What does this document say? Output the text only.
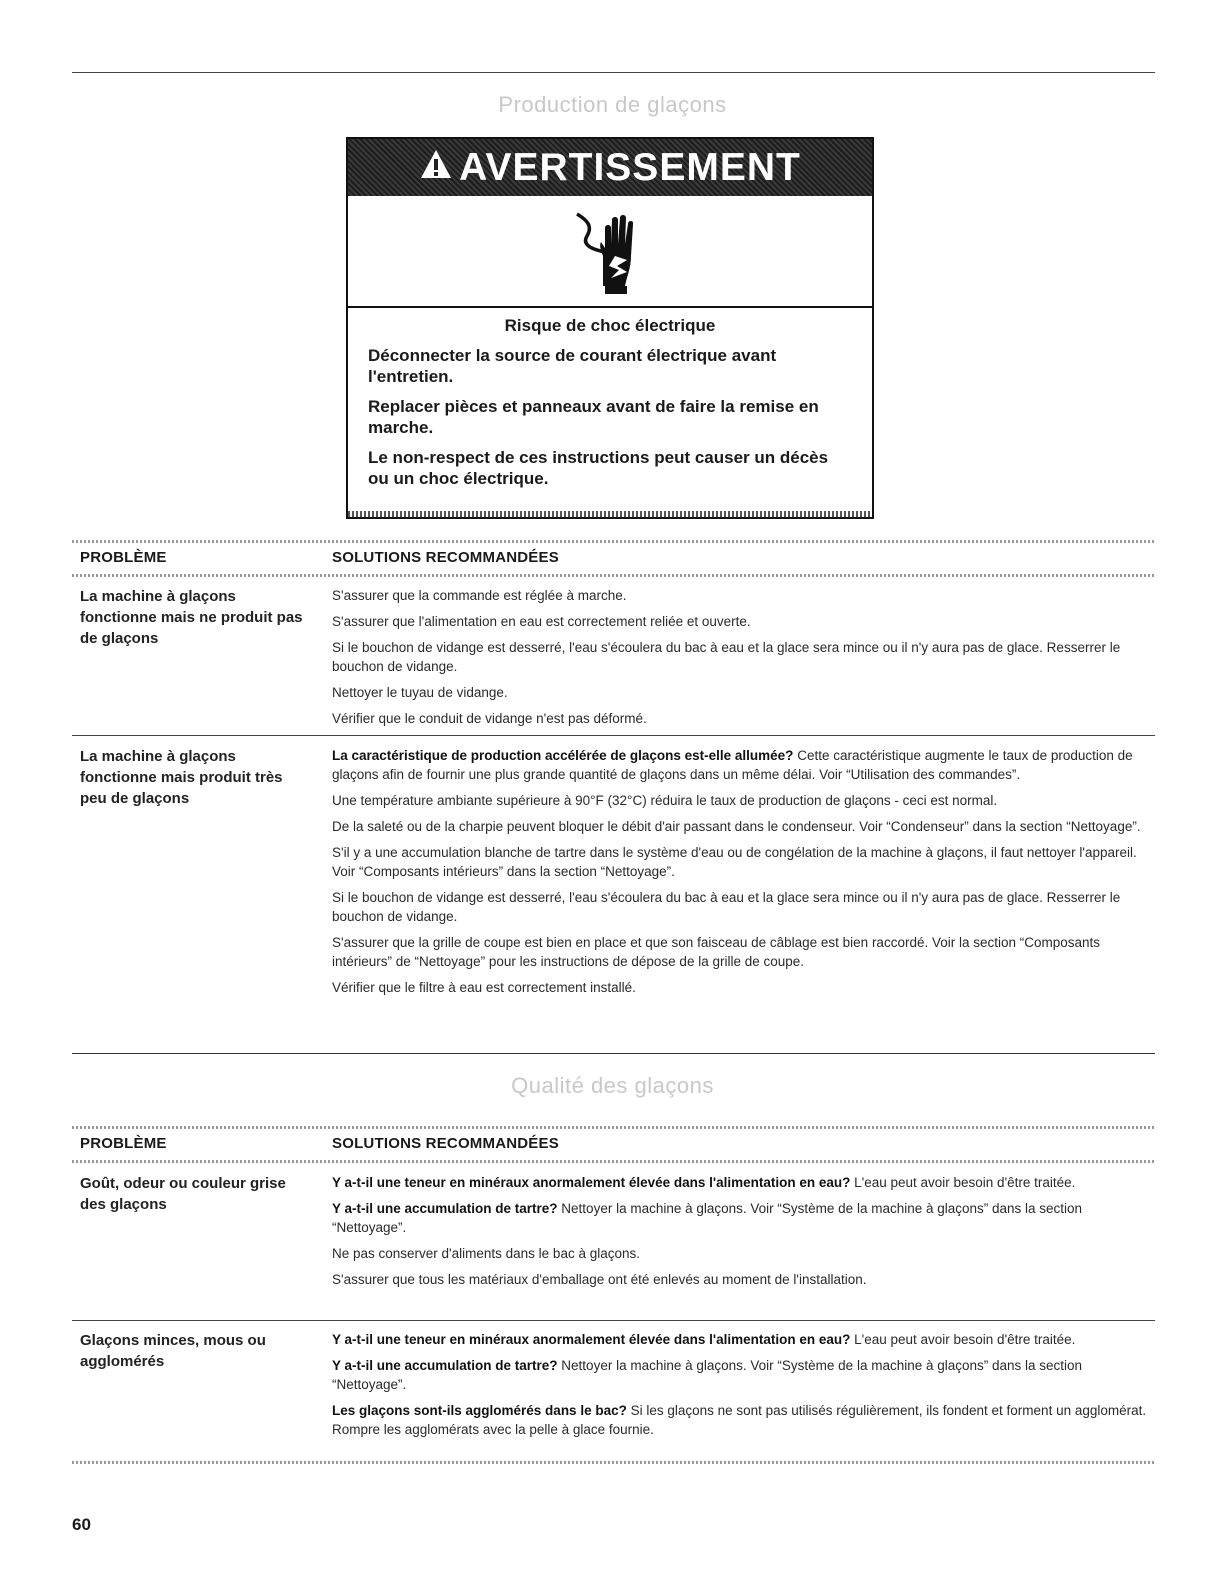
Production de glaçons
AVERTISSEMENT
Risque de choc électrique
Déconnecter la source de courant électrique avant l'entretien.
Replacer pièces et panneaux avant de faire la remise en marche.
Le non-respect de ces instructions peut causer un décès ou un choc électrique.
PROBLÈME	SOLUTIONS RECOMMANDÉES
La machine à glaçons fonctionne mais ne produit pas de glaçons

S'assurer que la commande est réglée à marche.

S'assurer que l'alimentation en eau est correctement reliée et ouverte.

Si le bouchon de vidange est desserré, l'eau s'écoulera du bac à eau et la glace sera mince ou il n'y aura pas de glace. Resserrer le bouchon de vidange.

Nettoyer le tuyau de vidange.

Vérifier que le conduit de vidange n'est pas déformé.

La machine à glaçons fonctionne mais produit très peu de glaçons

La caractéristique de production accélérée de glaçons est-elle allumée? Cette caractéristique augmente le taux de production de glaçons afin de fournir une plus grande quantité de glaçons dans un même délai. Voir “Utilisation des commandes”.

Une température ambiante supérieure à 90°F (32°C) réduira le taux de production de glaçons - ceci est normal.

De la saleté ou de la charpie peuvent bloquer le débit d'air passant dans le condenseur. Voir “Condenseur” dans la section “Nettoyage”.

S'il y a une accumulation blanche de tartre dans le système d'eau ou de congélation de la machine à glaçons, il faut nettoyer l'appareil. Voir “Composants intérieurs” dans la section “Nettoyage”.

Si le bouchon de vidange est desserré, l'eau s'écoulera du bac à eau et la glace sera mince ou il n'y aura pas de glace. Resserrer le bouchon de vidange.

S'assurer que la grille de coupe est bien en place et que son faisceau de câblage est bien raccordé. Voir la section “Composants intérieurs” de “Nettoyage” pour les instructions de dépose de la grille de coupe.

Vérifier que le filtre à eau est correctement installé.

Qualité des glaçons
PROBLÈME	SOLUTIONS RECOMMANDÉES
Goût, odeur ou couleur grise des glaçons

Y a-t-il une teneur en minéraux anormalement élevée dans l'alimentation en eau? L'eau peut avoir besoin d'être traitée.

Y a-t-il une accumulation de tartre? Nettoyer la machine à glaçons. Voir “Système de la machine à glaçons” dans la section “Nettoyage”.

Ne pas conserver d'aliments dans le bac à glaçons.

S'assurer que tous les matériaux d'emballage ont été enlevés au moment de l'installation.

Glaçons minces, mous ou agglomérés

Y a-t-il une teneur en minéraux anormalement élevée dans l'alimentation en eau? L'eau peut avoir besoin d'être traitée.

Y a-t-il une accumulation de tartre? Nettoyer la machine à glaçons. Voir “Système de la machine à glaçons” dans la section “Nettoyage”.

Les glaçons sont-ils agglomérés dans le bac? Si les glaçons ne sont pas utilisés régulièrement, ils fondent et forment un agglomérat. Rompre les agglomérats avec la pelle à glace fournie.

60
